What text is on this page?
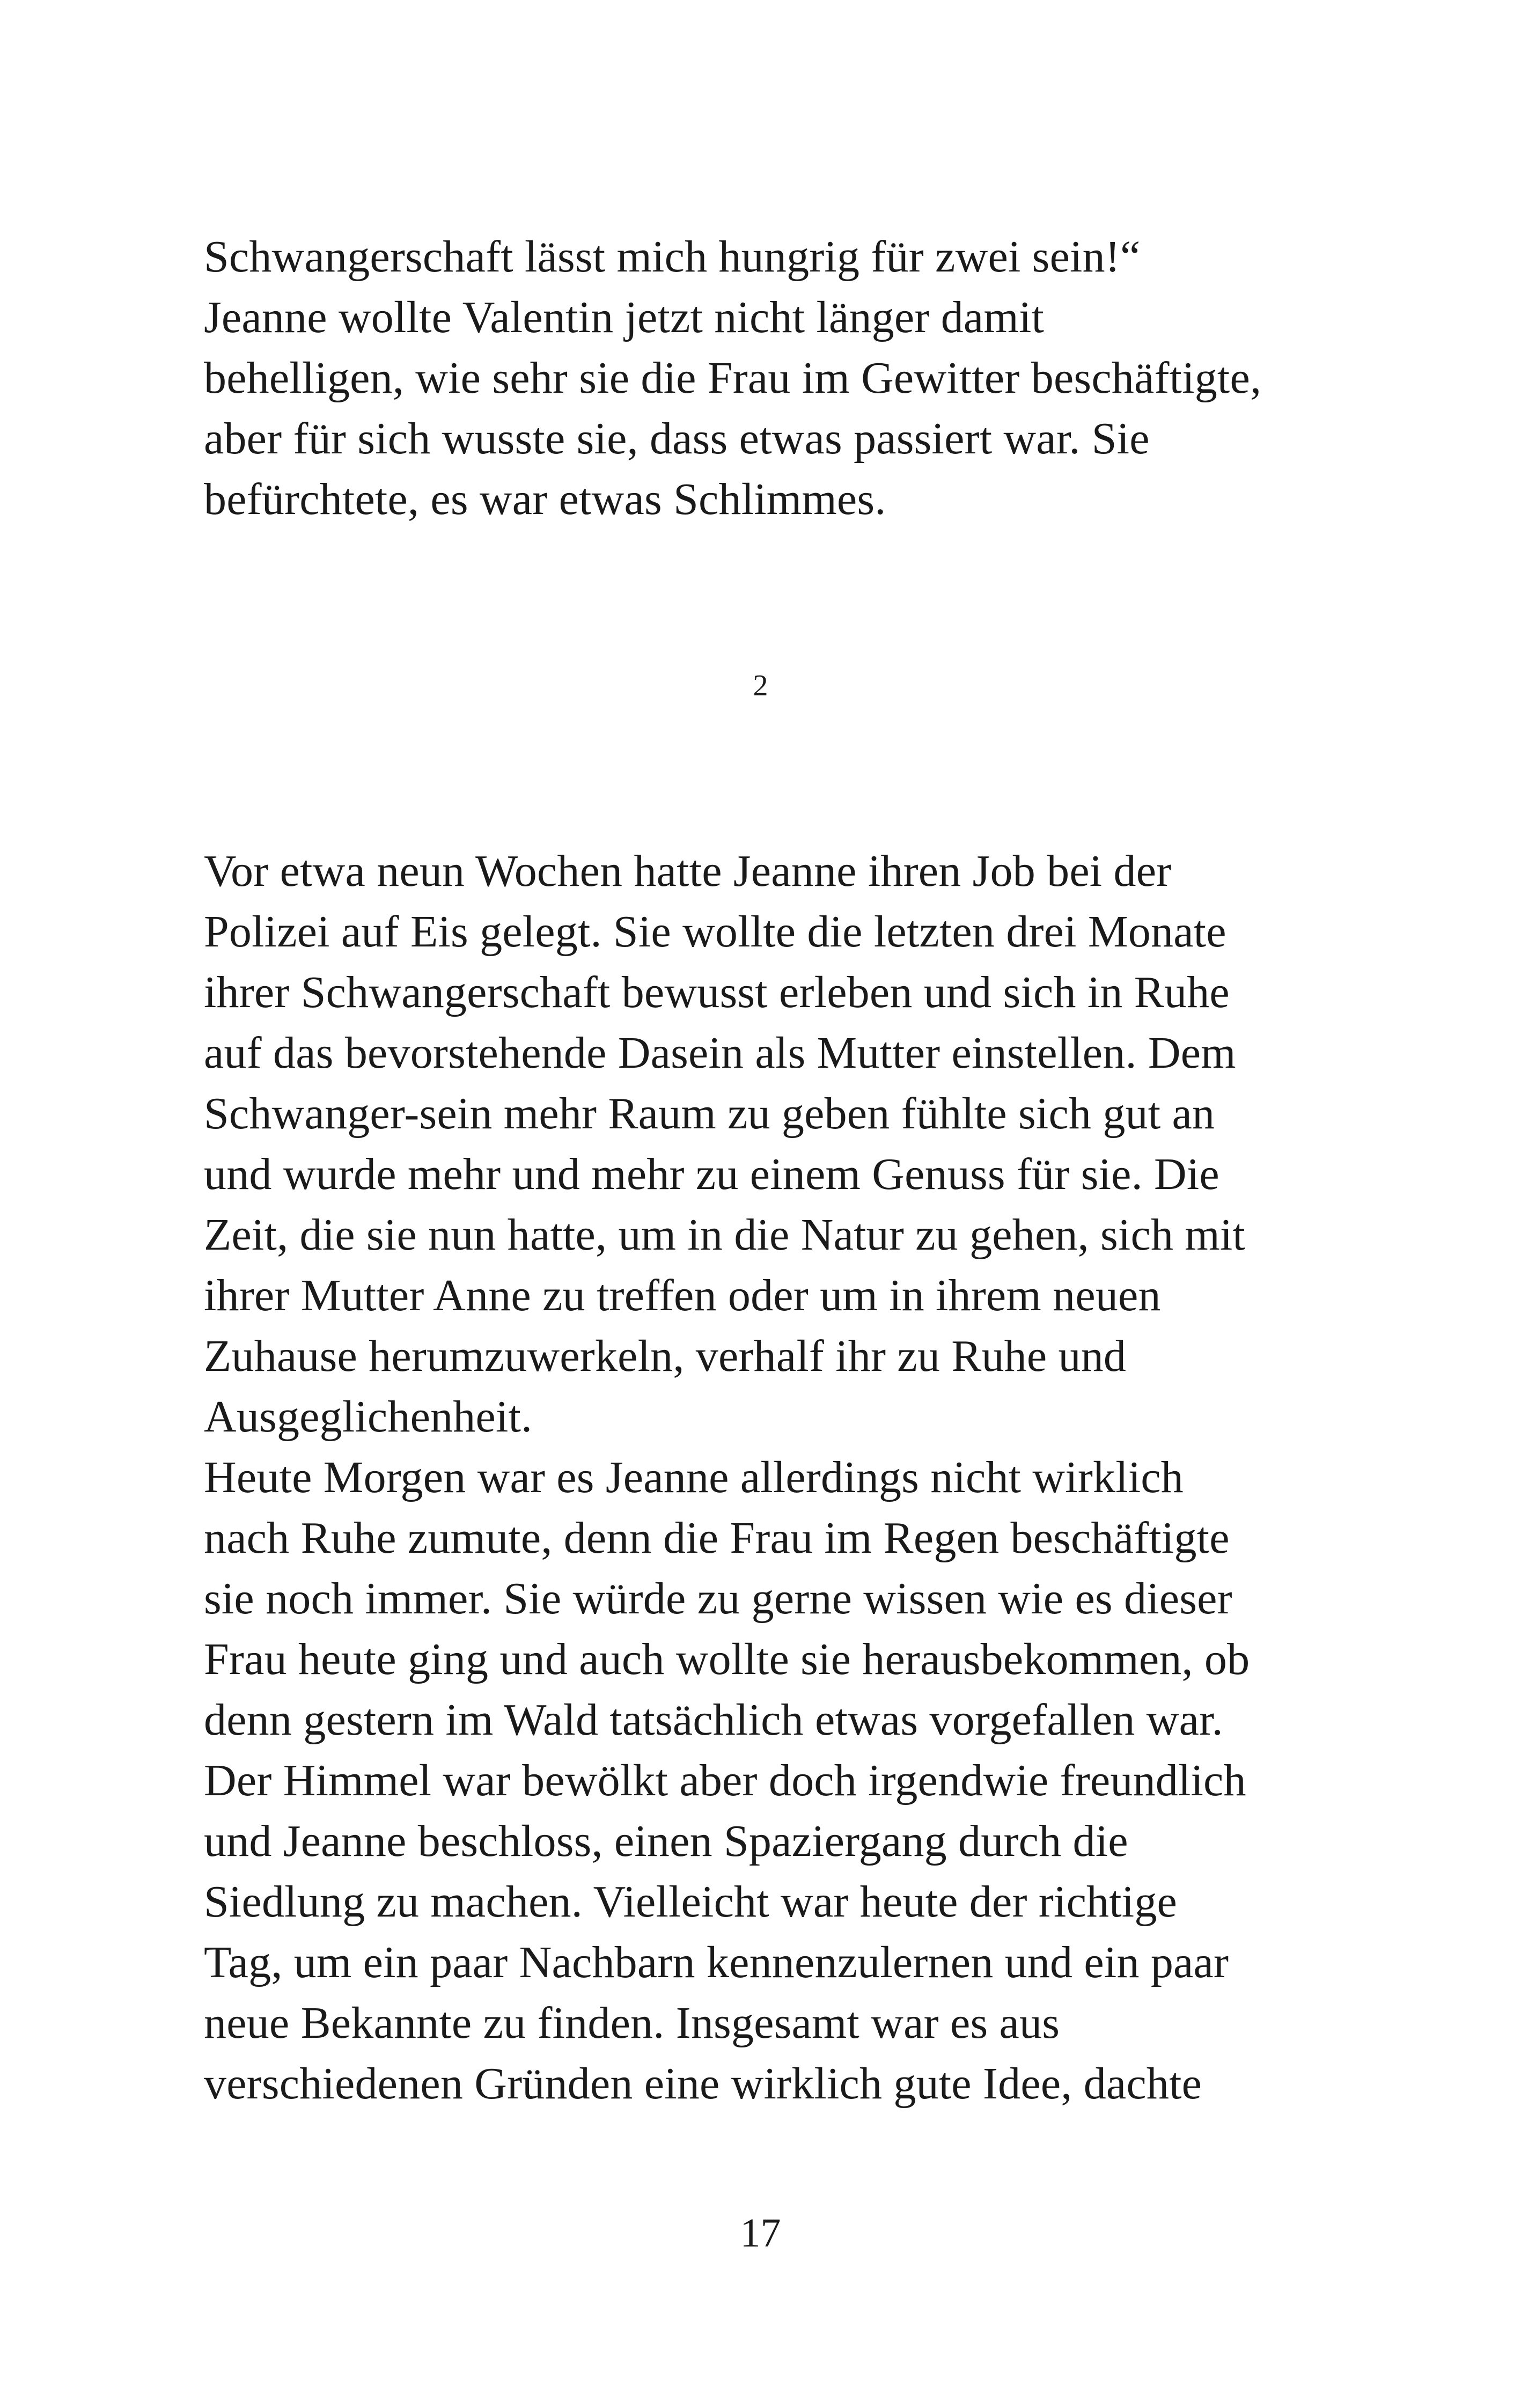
Schwangerschaft lässt mich hungrig für zwei sein!“
Jeanne wollte Valentin jetzt nicht länger damit
behelligen, wie sehr sie die Frau im Gewitter beschäftigte,
aber für sich wusste sie, dass etwas passiert war. Sie
befürchtete, es war etwas Schlimmes.
2
Vor etwa neun Wochen hatte Jeanne ihren Job bei der
Polizei auf Eis gelegt. Sie wollte die letzten drei Monate
ihrer Schwangerschaft bewusst erleben und sich in Ruhe
auf das bevorstehende Dasein als Mutter einstellen. Dem
Schwanger-sein mehr Raum zu geben fühlte sich gut an
und wurde mehr und mehr zu einem Genuss für sie. Die
Zeit, die sie nun hatte, um in die Natur zu gehen, sich mit
ihrer Mutter Anne zu treffen oder um in ihrem neuen
Zuhause herumzuwerkeln, verhalf ihr zu Ruhe und
Ausgeglichenheit.
Heute Morgen war es Jeanne allerdings nicht wirklich
nach Ruhe zumute, denn die Frau im Regen beschäftigte
sie noch immer. Sie würde zu gerne wissen wie es dieser
Frau heute ging und auch wollte sie herausbekommen, ob
denn gestern im Wald tatsächlich etwas vorgefallen war.
Der Himmel war bewölkt aber doch irgendwie freundlich
und Jeanne beschloss, einen Spaziergang durch die
Siedlung zu machen. Vielleicht war heute der richtige
Tag, um ein paar Nachbarn kennenzulernen und ein paar
neue Bekannte zu finden. Insgesamt war es aus
verschiedenen Gründen eine wirklich gute Idee, dachte
17
